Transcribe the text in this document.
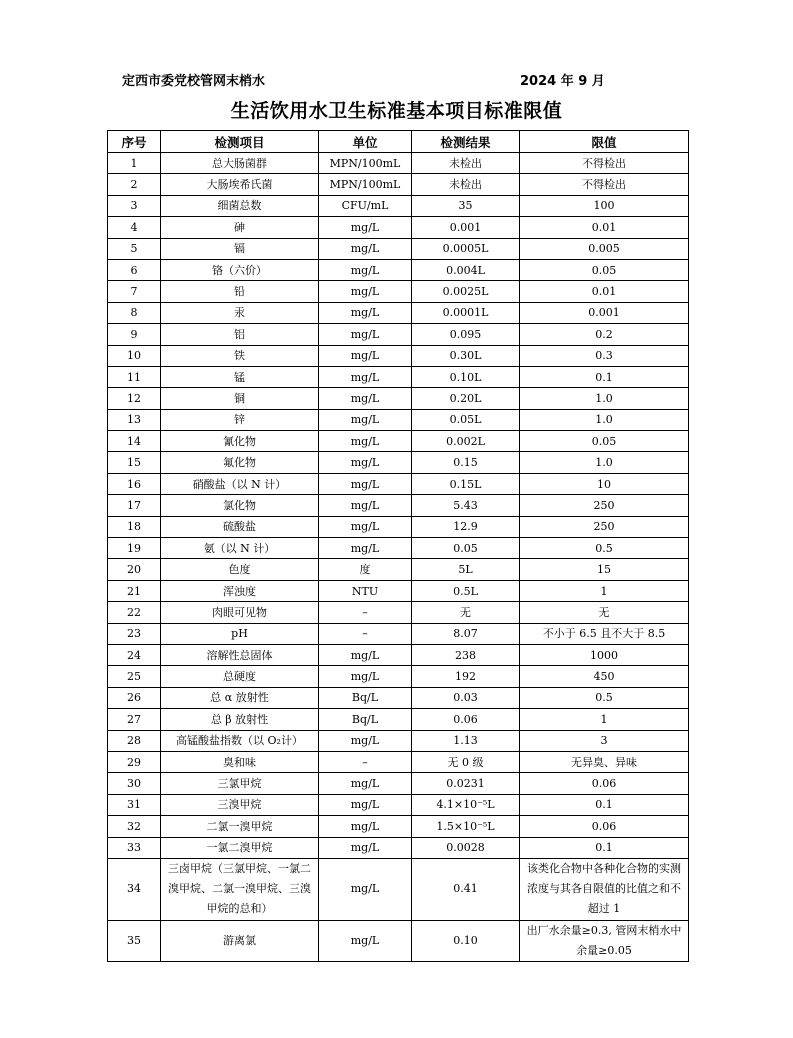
定西市委党校管网末梢水	2024 年 9 月
生活饮用水卫生标准基本项目标准限值
序号	检测项目	单位	检测结果	限值
1	总大肠菌群	MPN/100mL	未检出	不得检出
2	大肠埃希氏菌	MPN/100mL	未检出	不得检出
3	细菌总数	CFU/mL	35	100
4	砷	mg/L	0.001	0.01
5	镉	mg/L	0.0005L	0.005
6	铬（六价）	mg/L	0.004L	0.05
7	铅	mg/L	0.0025L	0.01
8	汞	mg/L	0.0001L	0.001
9	铝	mg/L	0.095	0.2
10	铁	mg/L	0.30L	0.3
11	锰	mg/L	0.10L	0.1
12	铜	mg/L	0.20L	1.0
13	锌	mg/L	0.05L	1.0
14	氰化物	mg/L	0.002L	0.05
15	氟化物	mg/L	0.15	1.0
16	硝酸盐（以 N 计）	mg/L	0.15L	10
17	氯化物	mg/L	5.43	250
18	硫酸盐	mg/L	12.9	250
19	氨（以 N 计）	mg/L	0.05	0.5
20	色度	度	5L	15
21	浑浊度	NTU	0.5L	1
22	肉眼可见物	–	无	无
23	pH	–	8.07	不小于 6.5 且不大于 8.5
24	溶解性总固体	mg/L	238	1000
25	总硬度	mg/L	192	450
26	总 α 放射性	Bq/L	0.03	0.5
27	总 β 放射性	Bq/L	0.06	1
28	高锰酸盐指数（以 O₂计）	mg/L	1.13	3
29	臭和味	–	无 0 级	无异臭、异味
30	三氯甲烷	mg/L	0.0231	0.06
31	三溴甲烷	mg/L	4.1×10⁻⁵L	0.1
32	二氯一溴甲烷	mg/L	1.5×10⁻⁵L	0.06
33	一氯二溴甲烷	mg/L	0.0028	0.1
34	三卤甲烷（三氯甲烷、一氯二溴甲烷、二氯一溴甲烷、三溴甲烷的总和）	mg/L	0.41	该类化合物中各种化合物的实测浓度与其各自限值的比值之和不超过 1
35	游离氯	mg/L	0.10	出厂水余量≥0.3, 管网末梢水中余量≥0.05
